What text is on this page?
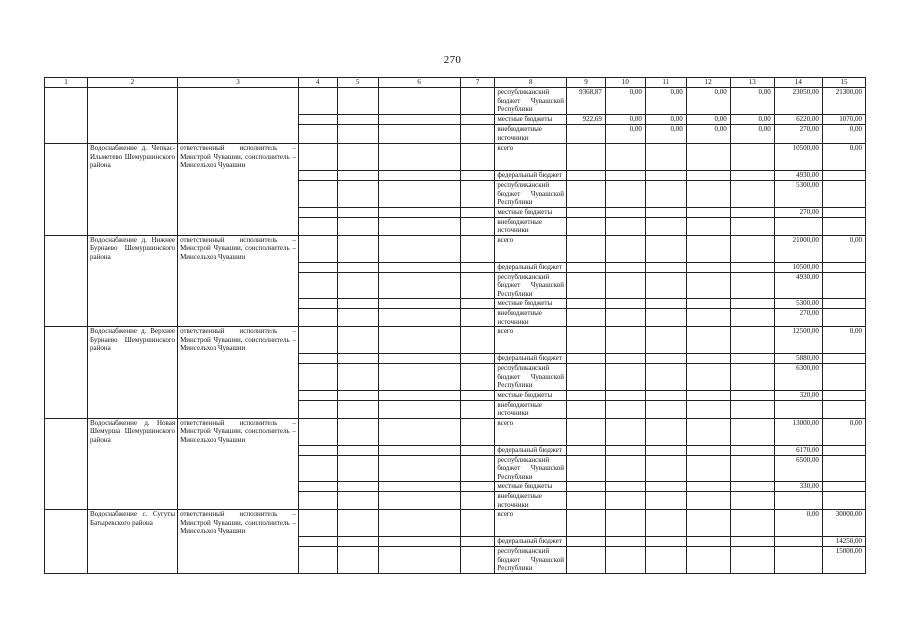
270
1	2	3	4	5	6	7	8	9	10	11	12	13	14	15
							республиканский бюджет Чувашской Республики	9368,87	0,00	0,00	0,00	0,00	23050,00	21300,00
							местные бюджеты	922,69	0,00	0,00	0,00	0,00	6220,00	1070,00
							внебюджетные источники		0,00	0,00	0,00	0,00	270,00	0,00
	Водоснабжение д. Чепкас-Ильметево Шемуршинского района	ответственный исполнитель – Минстрой Чувашии, соисполнитель – Минсельхоз Чувашии					всего						10500,00	0,00
							федеральный бюджет						4930,00	
							республиканский бюджет Чувашской Республики						5300,00	
							местные бюджеты						270,00	
							внебюджетные источники							
	Водоснабжение д. Нижнее Бурнаево Шемуршинского района	ответственный исполнитель – Минстрой Чувашии, соисполнитель – Минсельхоз Чувашии					всего						21000,00	0,00
							федеральный бюджет						10500,00	
							республиканский бюджет Чувашской Республики						4930,00	
							местные бюджеты						5300,00	
							внебюджетные источники						270,00	
	Водоснабжение д. Верхнее Бурнаево Шемуршинского района	ответственный исполнитель – Минстрой Чувашии, соисполнитель – Минсельхоз Чувашии					всего						12500,00	0,00
							федеральный бюджет						5880,00	
							республиканский бюджет Чувашской Республики						6300,00	
							местные бюджеты						320,00	
							внебюджетные источники							
	Водоснабжение д. Новая Шемурша Шемуршинского района	ответственный исполнитель – Минстрой Чувашии, соисполнитель – Минсельхоз Чувашии					всего						13000,00	0,00
							федеральный бюджет						6170,00	
							республиканский бюджет Чувашской Республики						6500,00	
							местные бюджеты						330,00	
							внебюджетные источники							
	Водоснабжение с. Сугуты Батыревского района	ответственный исполнитель – Минстрой Чувашии, соисполнитель – Минсельхоз Чувашии					всего						0,00	30000,00
							федеральный бюджет							14250,00
							республиканский бюджет Чувашской Республики							15000,00
